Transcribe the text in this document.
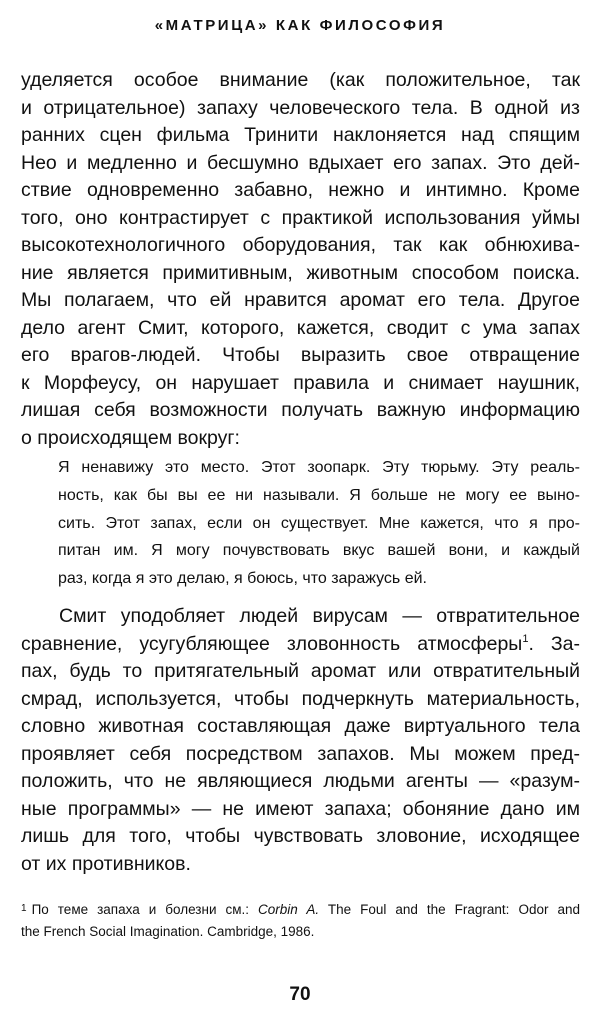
«МАТРИЦА» КАК ФИЛОСОФИЯ
уделяется особое внимание (как положительное, так
и отрицательное) запаху человеческого тела. В одной из
ранних сцен фильма Тринити наклоняется над спящим
Нео и медленно и бесшумно вдыхает его запах. Это дей-
ствие одновременно забавно, нежно и интимно. Кроме
того, оно контрастирует с практикой использования уймы
высокотехнологичного оборудования, так как обнюхива-
ние является примитивным, животным способом поиска.
Мы полагаем, что ей нравится аромат его тела. Другое
дело агент Смит, которого, кажется, сводит с ума запах
его врагов-людей. Чтобы выразить свое отвращение
к Морфеусу, он нарушает правила и снимает наушник,
лишая себя возможности получать важную информацию
о происходящем вокруг:
Я ненавижу это место. Этот зоопарк. Эту тюрьму. Эту реаль-
ность, как бы вы ее ни называли. Я больше не могу ее выно-
сить. Этот запах, если он существует. Мне кажется, что я про-
питан им. Я могу почувствовать вкус вашей вони, и каждый
раз, когда я это делаю, я боюсь, что заражусь ей.
Смит уподобляет людей вирусам — отвратительное
сравнение, усугубляющее зловонность атмосферы$^1$. За-
пах, будь то притягательный аромат или отвратительный
смрад, используется, чтобы подчеркнуть материальность,
словно животная составляющая даже виртуального тела
проявляет себя посредством запахов. Мы можем пред-
положить, что не являющиеся людьми агенты — «разум-
ные программы» — не имеют запаха; обоняние дано им
лишь для того, чтобы чувствовать зловоние, исходящее
от их противников.
$^1$ По теме запаха и болезни см.: Corbin A. The Foul and the Fragrant: Odor and
the French Social Imagination. Cambridge, 1986.
70
